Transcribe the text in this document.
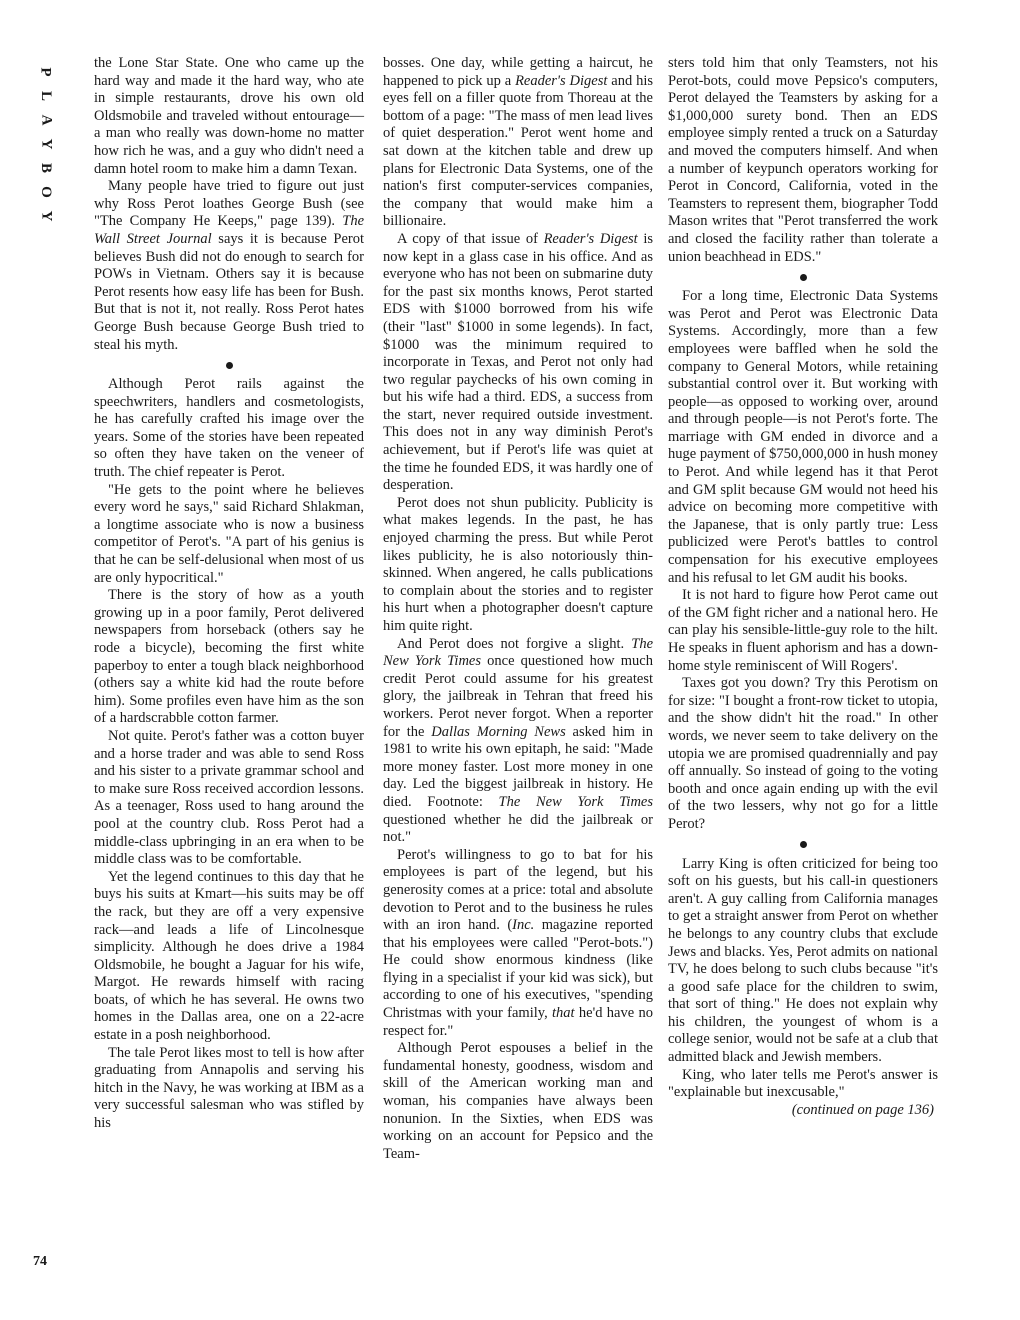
P
L
A
Y
B
O
Y

the Lone Star State. One who came up the hard way and made it the hard way, who ate in simple restaurants, drove his own old Oldsmobile and traveled without entourage—a man who really was down-home no matter how rich he was, and a guy who didn't need a damn hotel room to make him a damn Texan.

Many people have tried to figure out just why Ross Perot loathes George Bush (see "The Company He Keeps," page 139). The Wall Street Journal says it is because Perot believes Bush did not do enough to search for POWs in Vietnam. Others say it is because Perot resents how easy life has been for Bush. But that is not it, not really. Ross Perot hates George Bush because George Bush tried to steal his myth.

Although Perot rails against the speechwriters, handlers and cosmetologists, he has carefully crafted his image over the years. Some of the stories have been repeated so often they have taken on the veneer of truth. The chief repeater is Perot.

"He gets to the point where he believes every word he says," said Richard Shlakman, a longtime associate who is now a business competitor of Perot's. "A part of his genius is that he can be self-delusional when most of us are only hypocritical."

There is the story of how as a youth growing up in a poor family, Perot delivered newspapers from horseback (others say he rode a bicycle), becoming the first white paperboy to enter a tough black neighborhood (others say a white kid had the route before him). Some profiles even have him as the son of a hardscrabble cotton farmer.

Not quite. Perot's father was a cotton buyer and a horse trader and was able to send Ross and his sister to a private grammar school and to make sure Ross received accordion lessons. As a teenager, Ross used to hang around the pool at the country club. Ross Perot had a middle-class upbringing in an era when to be middle class was to be comfortable.

Yet the legend continues to this day that he buys his suits at Kmart—his suits may be off the rack, but they are off a very expensive rack—and leads a life of Lincolnesque simplicity. Although he does drive a 1984 Oldsmobile, he bought a Jaguar for his wife, Margot. He rewards himself with racing boats, of which he has several. He owns two homes in the Dallas area, one on a 22-acre estate in a posh neighborhood.

The tale Perot likes most to tell is how after graduating from Annapolis and serving his hitch in the Navy, he was working at IBM as a very successful salesman who was stifled by his

bosses. One day, while getting a haircut, he happened to pick up a Reader's Digest and his eyes fell on a filler quote from Thoreau at the bottom of a page: "The mass of men lead lives of quiet desperation." Perot went home and sat down at the kitchen table and drew up plans for Electronic Data Systems, one of the nation's first computer-services companies, the company that would make him a billionaire.

A copy of that issue of Reader's Digest is now kept in a glass case in his office. And as everyone who has not been on submarine duty for the past six months knows, Perot started EDS with $1000 borrowed from his wife (their "last" $1000 in some legends). In fact, $1000 was the minimum required to incorporate in Texas, and Perot not only had two regular paychecks of his own coming in but his wife had a third. EDS, a success from the start, never required outside investment. This does not in any way diminish Perot's achievement, but if Perot's life was quiet at the time he founded EDS, it was hardly one of desperation.

Perot does not shun publicity. Publicity is what makes legends. In the past, he has enjoyed charming the press. But while Perot likes publicity, he is also notoriously thin-skinned. When angered, he calls publications to complain about the stories and to register his hurt when a photographer doesn't capture him quite right.

And Perot does not forgive a slight. The New York Times once questioned how much credit Perot could assume for his greatest glory, the jailbreak in Tehran that freed his workers. Perot never forgot. When a reporter for the Dallas Morning News asked him in 1981 to write his own epitaph, he said: "Made more money faster. Lost more money in one day. Led the biggest jailbreak in history. He died. Footnote: The New York Times questioned whether he did the jailbreak or not."

Perot's willingness to go to bat for his employees is part of the legend, but his generosity comes at a price: total and absolute devotion to Perot and to the business he rules with an iron hand. (Inc. magazine reported that his employees were called "Perot-bots.") He could show enormous kindness (like flying in a specialist if your kid was sick), but according to one of his executives, "spending Christmas with your family, that he'd have no respect for."

Although Perot espouses a belief in the fundamental honesty, goodness, wisdom and skill of the American working man and woman, his companies have always been nonunion. In the Sixties, when EDS was working on an account for Pepsico and the Team-

sters told him that only Teamsters, not his Perot-bots, could move Pepsico's computers, Perot delayed the Teamsters by asking for a $1,000,000 surety bond. Then an EDS employee simply rented a truck on a Saturday and moved the computers himself. And when a number of keypunch operators working for Perot in Concord, California, voted in the Teamsters to represent them, biographer Todd Mason writes that "Perot transferred the work and closed the facility rather than tolerate a union beachhead in EDS."

For a long time, Electronic Data Systems was Perot and Perot was Electronic Data Systems. Accordingly, more than a few employees were baffled when he sold the company to General Motors, while retaining substantial control over it. But working with people—as opposed to working over, around and through people—is not Perot's forte. The marriage with GM ended in divorce and a huge payment of $750,000,000 in hush money to Perot. And while legend has it that Perot and GM split because GM would not heed his advice on becoming more competitive with the Japanese, that is only partly true: Less publicized were Perot's battles to control compensation for his executive employees and his refusal to let GM audit his books.

It is not hard to figure how Perot came out of the GM fight richer and a national hero. He can play his sensible-little-guy role to the hilt. He speaks in fluent aphorism and has a down-home style reminiscent of Will Rogers'.

Taxes got you down? Try this Perotism on for size: "I bought a front-row ticket to utopia, and the show didn't hit the road." In other words, we never seem to take delivery on the utopia we are promised quadrennially and pay off annually. So instead of going to the voting booth and once again ending up with the evil of the two lessers, why not go for a little Perot?

Larry King is often criticized for being too soft on his guests, but his call-in questioners aren't. A guy calling from California manages to get a straight answer from Perot on whether he belongs to any country clubs that exclude Jews and blacks. Yes, Perot admits on national TV, he does belong to such clubs because "it's a good safe place for the children to swim, that sort of thing." He does not explain why his children, the youngest of whom is a college senior, would not be safe at a club that admitted black and Jewish members.

King, who later tells me Perot's answer is "explainable but inexcusable,"

(continued on page 136)

74
